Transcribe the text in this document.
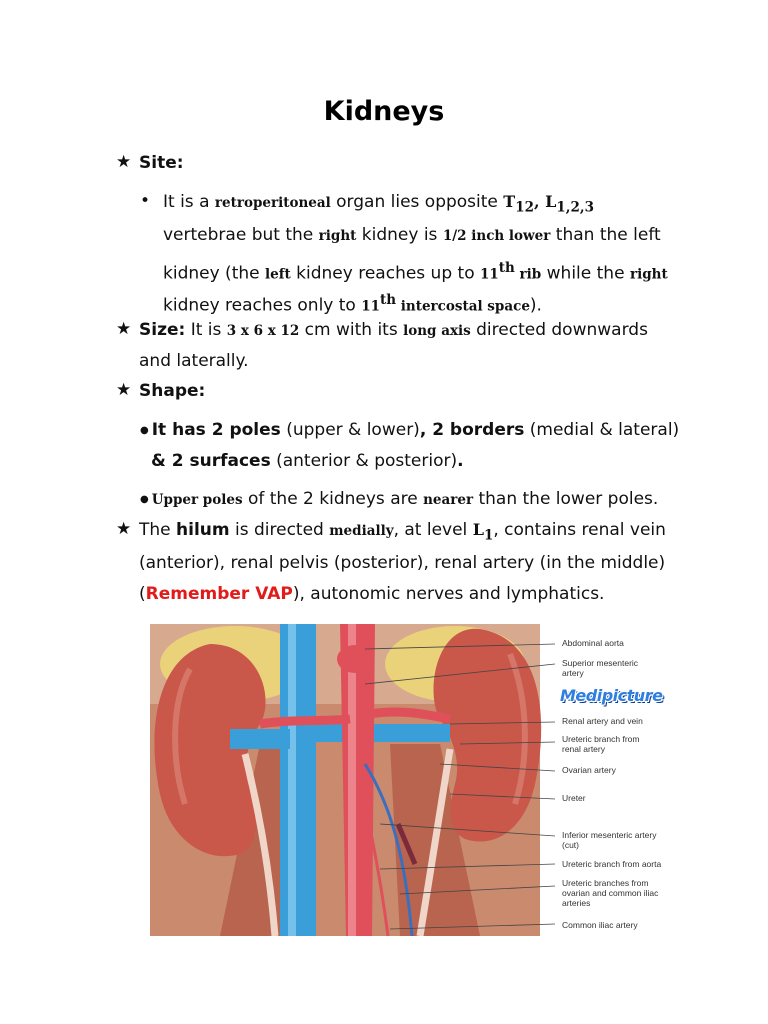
Kidneys
★ Site:
• It is a retroperitoneal organ lies opposite $T_{12}$, $L_{1,2,3}$
vertebrae but the right kidney is 1/2 inch lower than the left
kidney (the left kidney reaches up to 11th rib while the right
kidney reaches only to 11th intercostal space).
★ Size: It is 3 x 6 x 12 cm with its long axis directed downwards
and laterally.
★ Shape:
● It has 2 poles (upper & lower), 2 borders (medial & lateral)
& 2 surfaces (anterior & posterior).
● Upper poles of the 2 kidneys are nearer than the lower poles.
★ The hilum is directed medially, at level $L_1$, contains renal vein
(anterior), renal pelvis (posterior), renal artery (in the middle)
(Remember VAP), autonomic nerves and lymphatics.
Medipicture
Abdominal aorta
Superior mesenteric artery
Renal artery and vein
Ureteric branch from renal artery
Ovarian artery
Ureter
Inferior mesenteric artery (cut)
Ureteric branch from aorta
Ureteric branches from ovarian and common iliac arteries
Common iliac artery
